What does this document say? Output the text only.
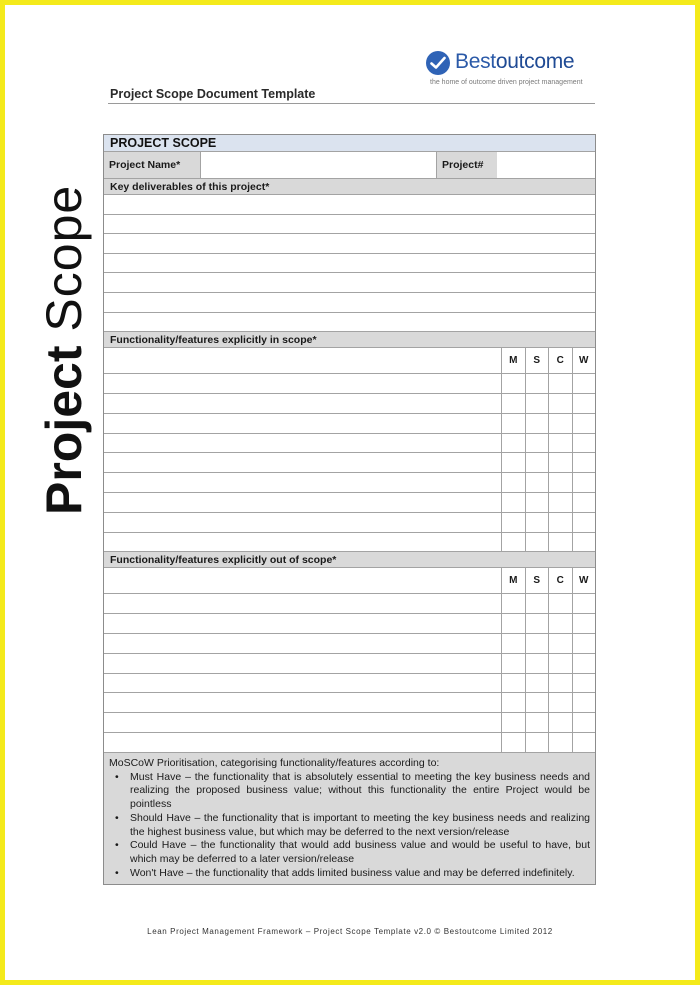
Project Scope
Bestoutcome
the home of outcome driven project management
Project Scope Document Template
PROJECT SCOPE
Project Name*	Project#
Key deliverables of this project*
Functionality/features explicitly in scope*
M	S	C	W
Functionality/features explicitly out of scope*
M	S	C	W
MoSCoW Prioritisation, categorising functionality/features according to:
• Must Have – the functionality that is absolutely essential to meeting the key business needs and realizing the proposed business value; without this functionality the entire Project would be pointless
• Should Have – the functionality that is important to meeting the key business needs and realizing the highest business value, but which may be deferred to the next version/release
• Could Have – the functionality that would add business value and would be useful to have, but which may be deferred to a later version/release
• Won't Have – the functionality that adds limited business value and may be deferred indefinitely.
Lean Project Management Framework – Project Scope Template v2.0 © Bestoutcome Limited 2012
